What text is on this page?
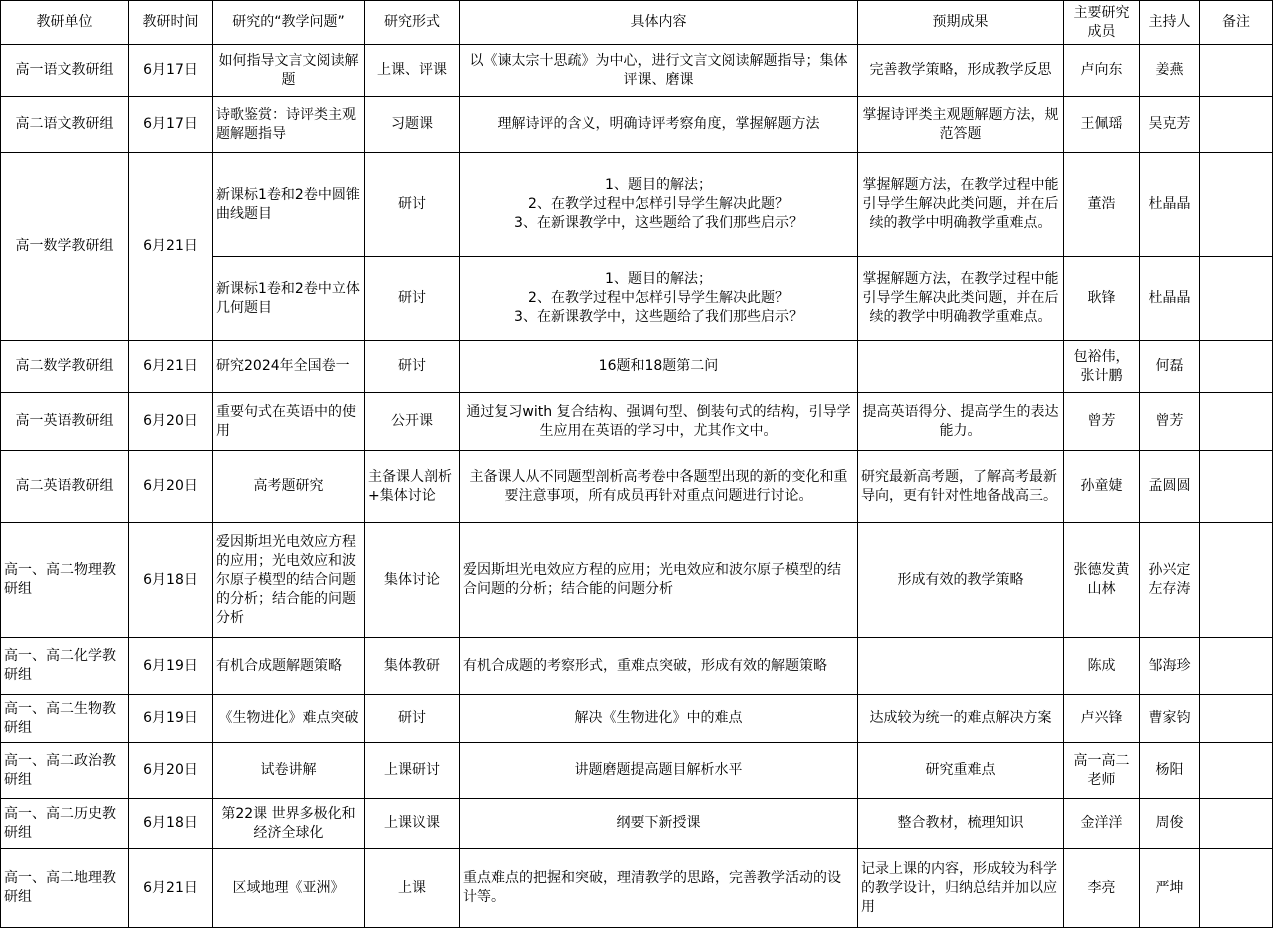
教研单位	教研时间	研究的“教学问题”	研究形式	具体内容	预期成果	主要研究成员	主持人	备注
高一语文教研组	6月17日	如何指导文言文阅读解题	上课、评课	以《谏太宗十思疏》为中心，进行文言文阅读解题指导；集体评课、磨课	完善教学策略，形成教学反思	卢向东	姜燕	
高二语文教研组	6月17日	诗歌鉴赏：诗评类主观题解题指导	习题课	理解诗评的含义，明确诗评考察角度，掌握解题方法	掌握诗评类主观题解题方法，规范答题	王佩瑶	吴克芳	
高一数学教研组	6月21日	新课标1卷和2卷中圆锥曲线题目	研讨	1、题目的解法；
2、在教学过程中怎样引导学生解决此题？
3、在新课教学中，这些题给了我们那些启示？	掌握解题方法，在教学过程中能引导学生解决此类问题，并在后续的教学中明确教学重难点。	董浩	杜晶晶	
		新课标1卷和2卷中立体几何题目	研讨	1、题目的解法；
2、在教学过程中怎样引导学生解决此题？
3、在新课教学中，这些题给了我们那些启示？	掌握解题方法，在教学过程中能引导学生解决此类问题，并在后续的教学中明确教学重难点。	耿锋	杜晶晶	
高二数学教研组	6月21日	研究2024年全国卷一	研讨	16题和18题第二问		包裕伟，张计鹏	何磊	
高一英语教研组	6月20日	重要句式在英语中的使用	公开课	通过复习with 复合结构、强调句型、倒装句式的结构，引导学生应用在英语的学习中，尤其作文中。	提高英语得分、提高学生的表达能力。	曾芳	曾芳	
高二英语教研组	6月20日	高考题研究	主备课人剖析+集体讨论	主备课人从不同题型剖析高考卷中各题型出现的新的变化和重要注意事项，所有成员再针对重点问题进行讨论。	研究最新高考题，了解高考最新导向，更有针对性地备战高三。	孙童婕	孟圆圆	
高一、高二物理教研组	6月18日	爱因斯坦光电效应方程的应用；光电效应和波尔原子模型的结合问题的分析；结合能的问题分析	集体讨论	爱因斯坦光电效应方程的应用；光电效应和波尔原子模型的结合问题的分析；结合能的问题分析	形成有效的教学策略	张德发黄山林	孙兴定左存涛	
高一、高二化学教研组	6月19日	有机合成题解题策略	集体教研	有机合成题的考察形式，重难点突破，形成有效的解题策略		陈成	邹海珍	
高一、高二生物教研组	6月19日	《生物进化》难点突破	研讨	解决《生物进化》中的难点	达成较为统一的难点解决方案	卢兴锋	曹家钧	
高一、高二政治教研组	6月20日	试卷讲解	上课研讨	讲题磨题提高题目解析水平	研究重难点	高一高二老师	杨阳	
高一、高二历史教研组	6月18日	第22课 世界多极化和经济全球化	上课议课	纲要下新授课	整合教材，梳理知识	金洋洋	周俊	
高一、高二地理教研组	6月21日	区域地理《亚洲》	上课	重点难点的把握和突破，理清教学的思路，完善教学活动的设计等。	记录上课的内容，形成较为科学的教学设计，归纳总结并加以应用	李亮	严坤	
